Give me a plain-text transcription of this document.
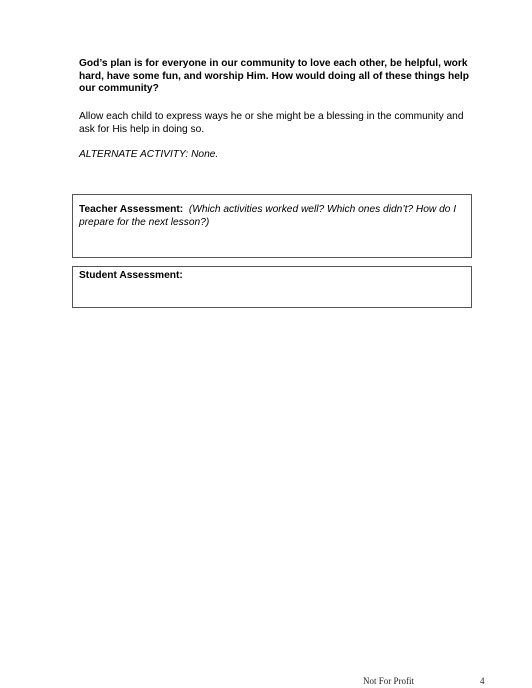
God’s plan is for everyone in our community to love each other, be helpful, work hard, have some fun, and worship Him. How would doing all of these things help our community?

Allow each child to express ways he or she might be a blessing in the community and ask for His help in doing so.

ALTERNATE ACTIVITY: None.

Teacher Assessment: (Which activities worked well? Which ones didn’t? How do I prepare for the next lesson?)
Student Assessment:
Not For Profit	4
